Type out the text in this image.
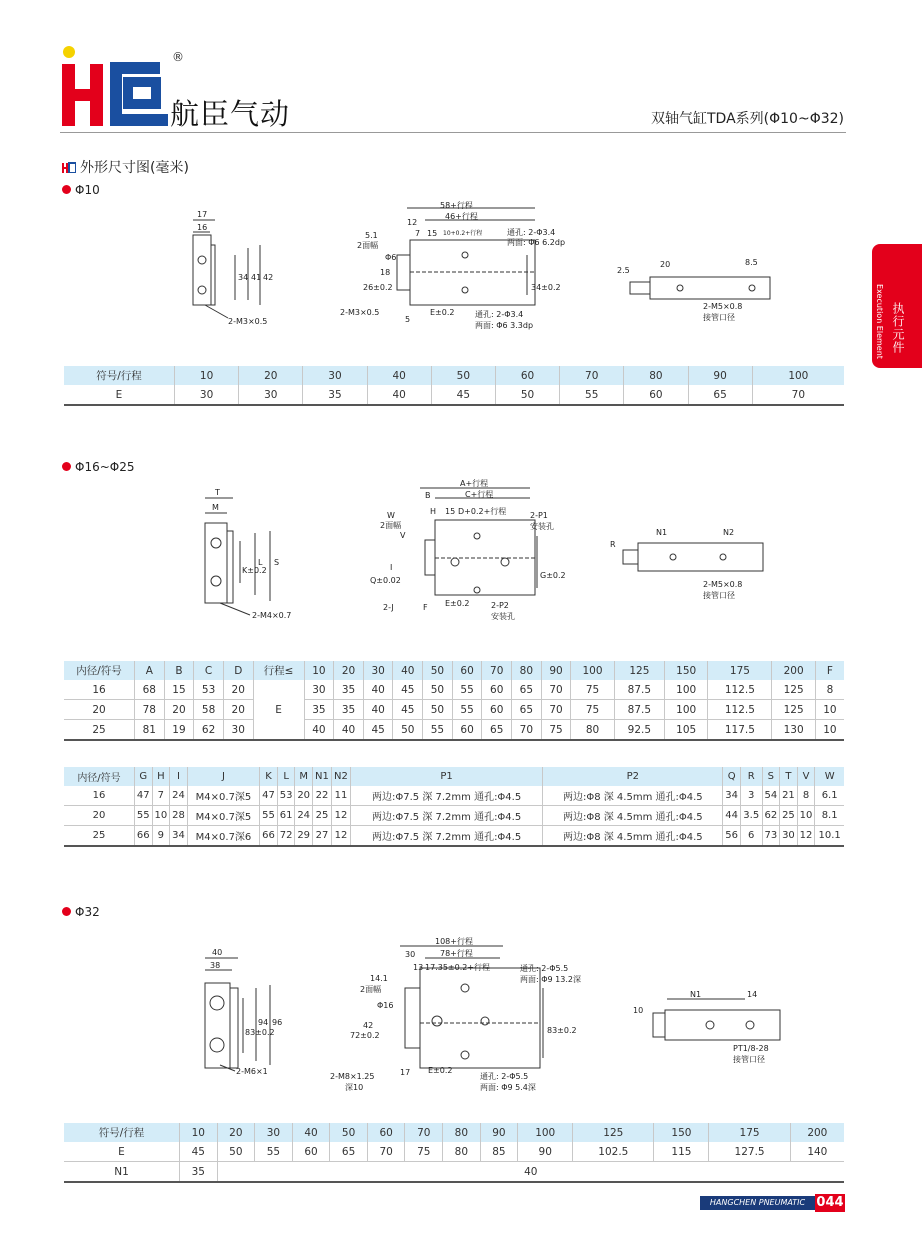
®
航臣气动	双轴气缸TDA系列(Φ10~Φ32)
Execution Element 执行元件
外形尺寸图(毫米)
Φ10
17
16
34 41 42
2-M3×0.5
58+行程
46+行程
12
7 15 10+0.2+行程
5.1
2面幅
Φ6
26±0.2
18
2-M3×0.5
5
E±0.2
34±0.2
通孔: 2-Φ3.4
两面: Φ6 6.2dp
通孔: 2-Φ3.4
两面: Φ6 3.3dp
2.5
20	8.5
2-M5×0.8
接管口径
符号/行程	10	20	30	40	50	60	70	80	90	100
E	30	30	35	40	45	50	55	60	65	70
Φ16~Φ25
T
M
K±0.2
L S
2-M4×0.7
A+行程
B	C+行程
H 15 D+0.2+行程
W
2面幅
V
Q±0.02
I
G±0.2
2-P1
安装孔
2-J	F E±0.2	2-P2
安装孔
R
N1	N2
2-M5×0.8
接管口径
内径/符号	A	B	C	D	行程≤	10	20	30	40	50	60	70	80	90	100	125	150	175	200	F
16	68	15	53	20	E	30	35	40	45	50	55	60	65	70	75	87.5	100	112.5	125	8
20	78	20	58	20		35	35	40	45	50	55	60	65	70	75	87.5	100	112.5	125	10
25	81	19	62	30		40	40	45	50	55	60	65	70	75	80	92.5	105	117.5	130	10
内径/符号	G	H	I	J	K	L	M	N1	N2	P1	P2	Q	R	S	T	V	W
16	47	7	24	M4×0.7深5	47	53	20	22	11	两边:Φ7.5 深 7.2mm 通孔:Φ4.5	两边:Φ8 深 4.5mm 通孔:Φ4.5	34	3	54	21	8	6.1
20	55	10	28	M4×0.7深5	55	61	24	25	12	两边:Φ7.5 深 7.2mm 通孔:Φ4.5	两边:Φ8 深 4.5mm 通孔:Φ4.5	44	3.5	62	25	10	8.1
25	66	9	34	M4×0.7深6	66	72	29	27	12	两边:Φ7.5 深 7.2mm 通孔:Φ4.5	两边:Φ8 深 4.5mm 通孔:Φ4.5	56	6	73	30	12	10.1
Φ32
40
38
83±0.2
94 96
2-M6×1
108+行程
30	78+行程
13 17.35±0.2+行程
14.1
2面幅
Φ16
72±0.2
42
通孔: 2-Φ5.5
两面: Φ9 13.2深
83±0.2
2-M8×1.25
深10
17 E±0.2
通孔: 2-Φ5.5
两面: Φ9 5.4深
N1	14
10
PT1/8-28
接管口径
符号/行程	10	20	30	40	50	60	70	80	90	100	125	150	175	200
E	45	50	55	60	65	70	75	80	85	90	102.5	115	127.5	140
N1	35	40												
HANGCHEN PNEUMATIC 044
